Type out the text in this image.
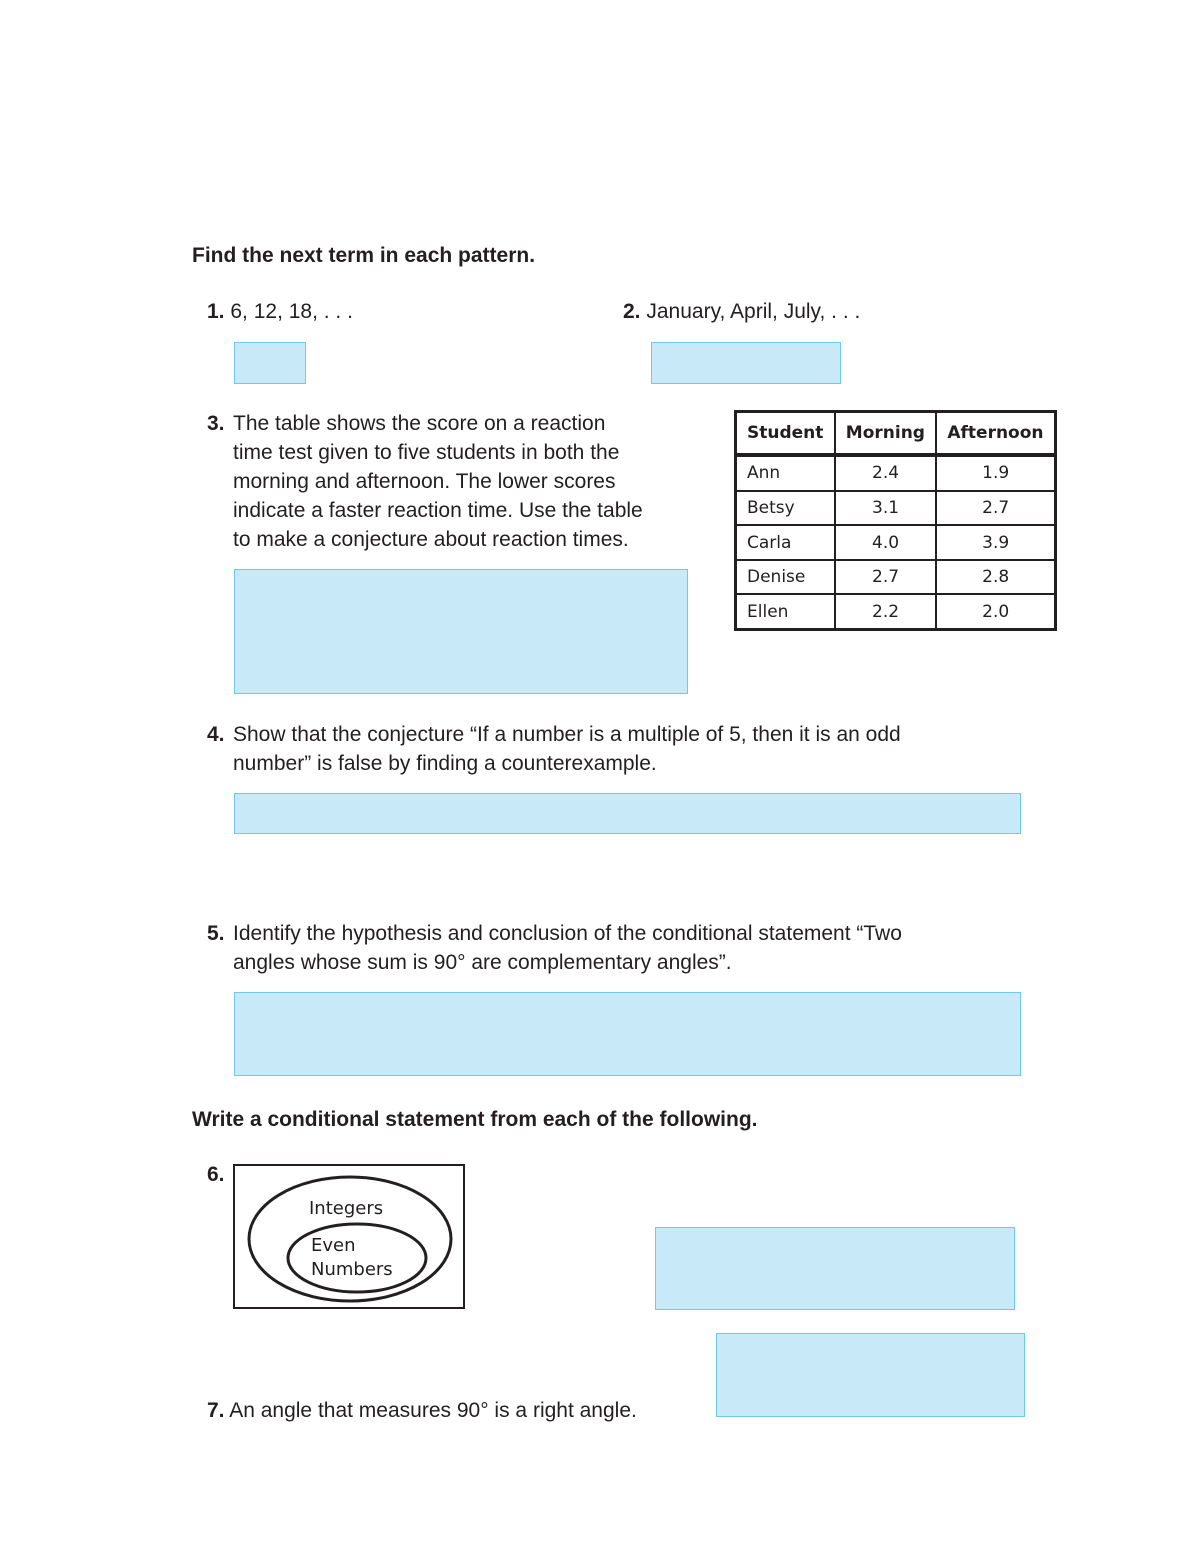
Find the next term in each pattern.
1. 6, 12, 18, . . .	2. January, April, July, . . .
3. The table shows the score on a reaction
time test given to five students in both the
morning and afternoon. The lower scores
indicate a faster reaction time. Use the table
to make a conjecture about reaction times.
Student	Morning	Afternoon
Ann	2.4	1.9
Betsy	3.1	2.7
Carla	4.0	3.9
Denise	2.7	2.8
Ellen	2.2	2.0
4. Show that the conjecture “If a number is a multiple of 5, then it is an odd
number” is false by finding a counterexample.
5. Identify the hypothesis and conclusion of the conditional statement “Two
angles whose sum is 90° are complementary angles”.
Write a conditional statement from each of the following.
6.
Integers
Even
Numbers
7. An angle that measures 90° is a right angle.
